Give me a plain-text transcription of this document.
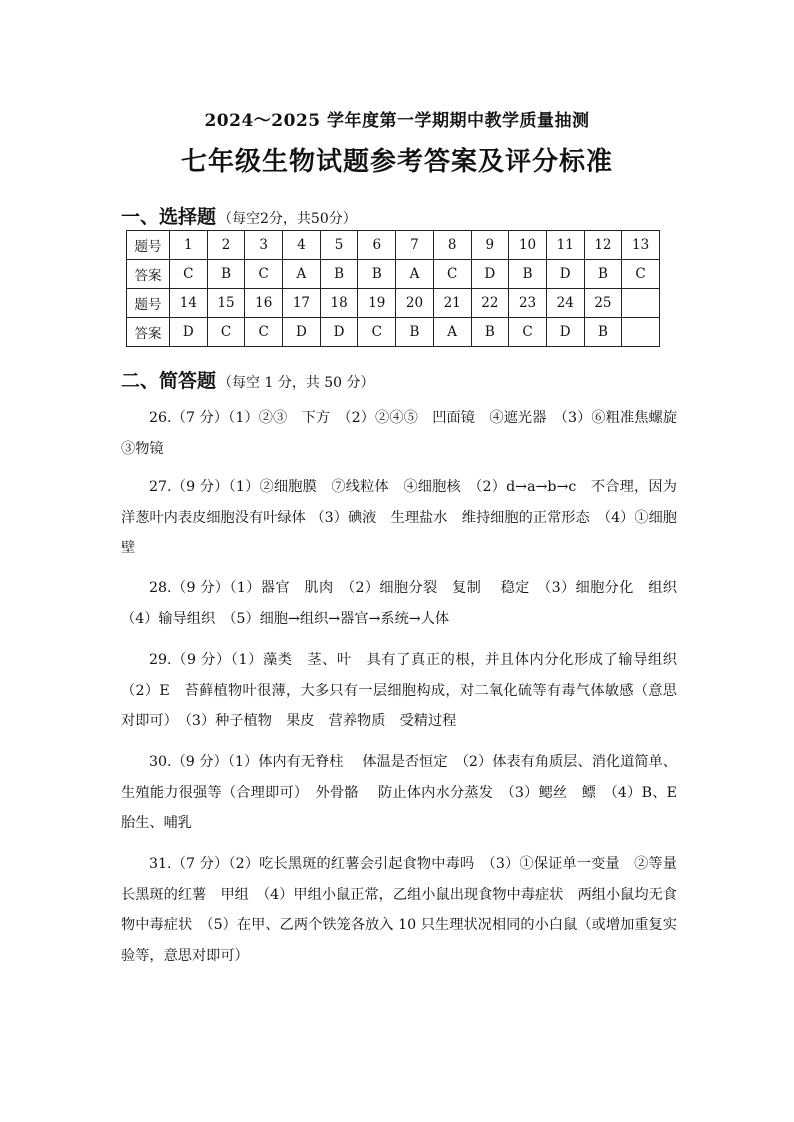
2024～2025 学年度第一学期期中教学质量抽测
七年级生物试题参考答案及评分标准
一、选择题 （每空2分，共50分）
题号	1	2	3	4	5	6	7	8	9	10	11	12	13
答案	C	B	C	A	B	B	A	C	D	B	D	B	C
题号	14	15	16	17	18	19	20	21	22	23	24	25	
答案	D	C	C	D	D	C	B	A	B	C	D	B	
二、简答题 （每空 1 分，共 50 分）
26.（7 分）（1）②③　下方　（2）②④⑤　凹面镜　④遮光器　（3）⑥粗准焦螺旋　③物镜
27.（9 分）（1）②细胞膜　⑦线粒体　④细胞核　（2）d→a→b→c　不合理，因为洋葱叶内表皮细胞没有叶绿体 （3）碘液　生理盐水　维持细胞的正常形态　（4）①细胞壁
28.（9 分）（1）器官　肌肉　（2）细胞分裂　复制　 稳定　（3）细胞分化　组织　（4）输导组织　（5）细胞→组织→器官→系统→人体
29.（9 分）（1）藻类　茎、叶　具有了真正的根，并且体内分化形成了输导组织　（2）E　苔藓植物叶很薄，大多只有一层细胞构成，对二氧化硫等有毒气体敏感（意思对即可）　（3）种子植物　果皮　营养物质　受精过程
30.（9 分）（1）体内有无脊柱　 体温是否恒定　（2）体表有角质层、消化道简单、生殖能力很强等（合理即可）　外骨骼　 防止体内水分蒸发　（3）鳃丝　鳔　（4）B、E　 胎生、哺乳
31.（7 分）（2）吃长黑斑的红薯会引起食物中毒吗　（3）①保证单一变量　②等量长黑斑的红薯　甲组　（4）甲组小鼠正常，乙组小鼠出现食物中毒症状　两组小鼠均无食物中毒症状　（5）在甲、乙两个铁笼各放入 10 只生理状况相同的小白鼠（或增加重复实验等，意思对即可）
